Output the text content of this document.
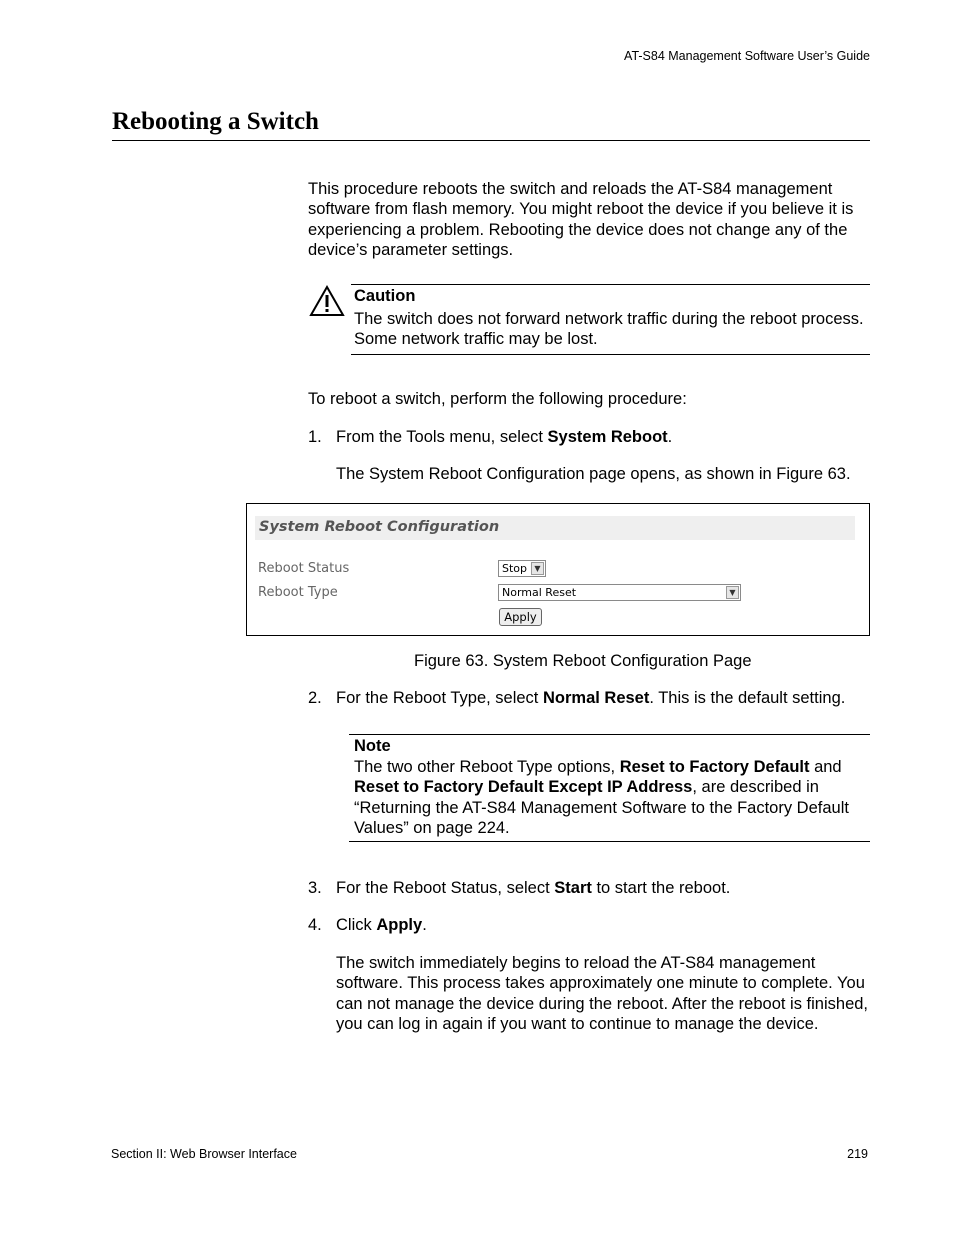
AT-S84 Management Software User’s Guide
Rebooting a Switch
This procedure reboots the switch and reloads the AT-S84 management software from flash memory. You might reboot the device if you believe it is experiencing a problem. Rebooting the device does not change any of the device’s parameter settings.
Caution
The switch does not forward network traffic during the reboot process. Some network traffic may be lost.
To reboot a switch, perform the following procedure:
1. From the Tools menu, select System Reboot.
The System Reboot Configuration page opens, as shown in Figure 63.
System Reboot Configuration
Reboot Status	Stop ▼
Reboot Type	Normal Reset	▼
Apply
Figure 63. System Reboot Configuration Page
2. For the Reboot Type, select Normal Reset. This is the default setting.
Note
The two other Reboot Type options, Reset to Factory Default and Reset to Factory Default Except IP Address, are described in “Returning the AT-S84 Management Software to the Factory Default Values” on page 224.
3. For the Reboot Status, select Start to start the reboot.
4. Click Apply.
The switch immediately begins to reload the AT-S84 management software. This process takes approximately one minute to complete. You can not manage the device during the reboot. After the reboot is finished, you can log in again if you want to continue to manage the device.
Section II: Web Browser Interface	219
